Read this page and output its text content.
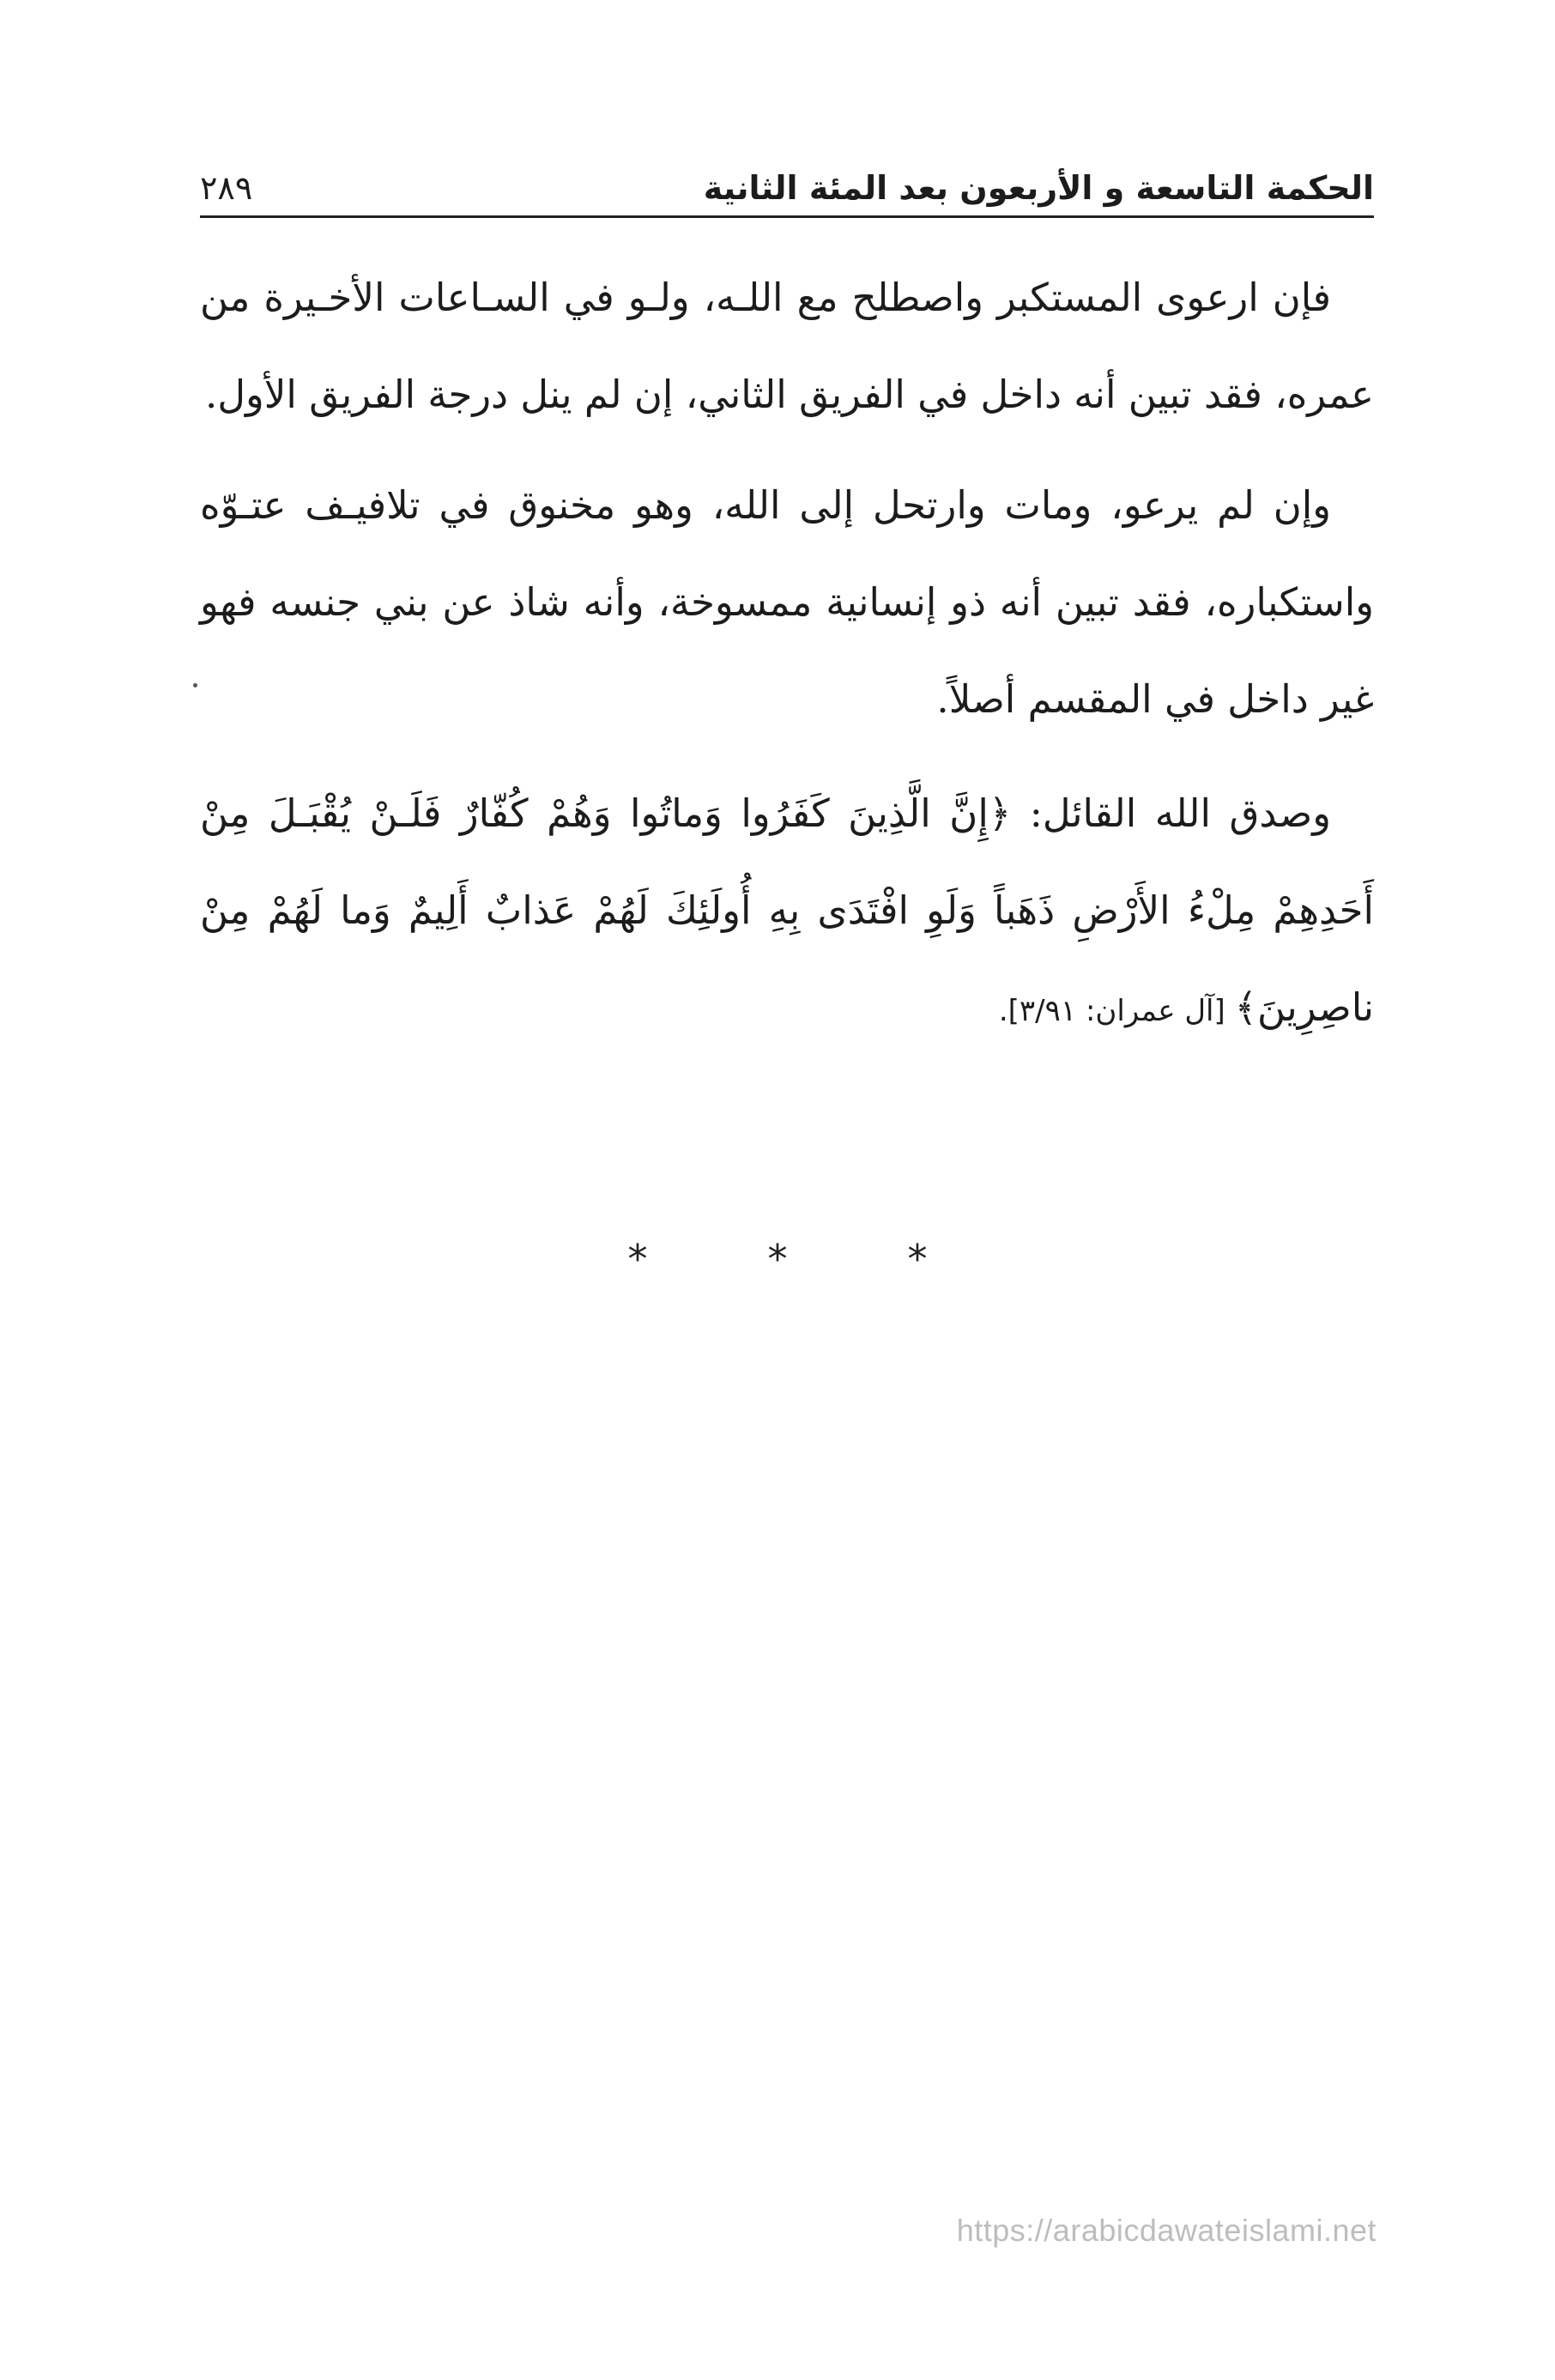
الحكمة التاسعة و الأربعون بعد المئة الثانية
٢٨٩

فإن ارعوى المستكبر واصطلح مع اللـه، ولـو في السـاعات الأخـيرة من عمره، فقد تبين أنه داخل في الفريق الثاني، إن لم ينل درجة الفريق الأول.

وإن لم يرعو، ومات وارتحل إلى الله، وهو مخنوق في تلافيـف عتـوّه واستكباره، فقد تبين أنه ذو إنسانية ممسوخة، وأنه شاذ عن بني جنسه فهو غير داخل في المقسم أصلاً.

وصدق الله القائل: ﴿إِنَّ الَّذِينَ كَفَرُوا وَماتُوا وَهُمْ كُفّارٌ فَلَـنْ يُقْبَـلَ مِنْ أَحَدِهِمْ مِلْءُ الأَرْضِ ذَهَباً وَلَوِ افْتَدَى بِهِ أُولَئِكَ لَهُمْ عَذابٌ أَلِيمٌ وَما لَهُمْ مِنْ ناصِرِينَ﴾ [آل عمران: ٣/٩١].

*	*	*
https://arabicdawateislami.net
